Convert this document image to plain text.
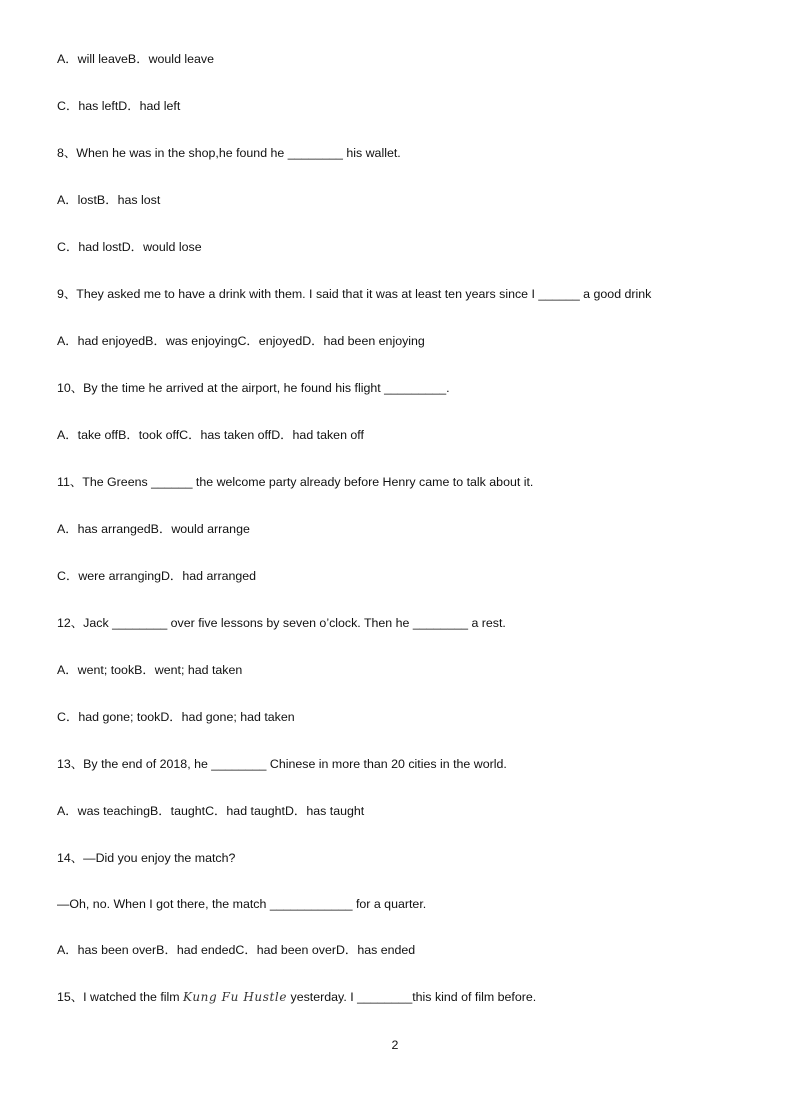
A．will leaveB．would leave
C．has leftD．had left
8、When he was in the shop,he found he ________ his wallet.
A．lostB．has lost
C．had lostD．would lose
9、They asked me to have a drink with them. I said that it was at least ten years since I ______ a good drink
A．had enjoyedB．was enjoyingC．enjoyedD．had been enjoying
10、By the time he arrived at the airport, he found his flight _________.
A．take offB．took offC．has taken offD．had taken off
11、The Greens ______ the welcome party already before Henry came to talk about it.
A．has arrangedB．would arrange
C．were arrangingD．had arranged
12、Jack ________ over five lessons by seven o’clock. Then he ________ a rest.
A．went; tookB．went; had taken
C．had gone; tookD．had gone; had taken
13、By the end of 2018, he ________ Chinese in more than 20 cities in the world.
A．was teachingB．taughtC．had taughtD．has taught
14、—Did you enjoy the match?
—Oh, no. When I got there, the match ____________ for a quarter.
A．has been overB．had endedC．had been overD．has ended
15、I watched the film Kung Fu Hustle yesterday. I ________this kind of film before.
2
